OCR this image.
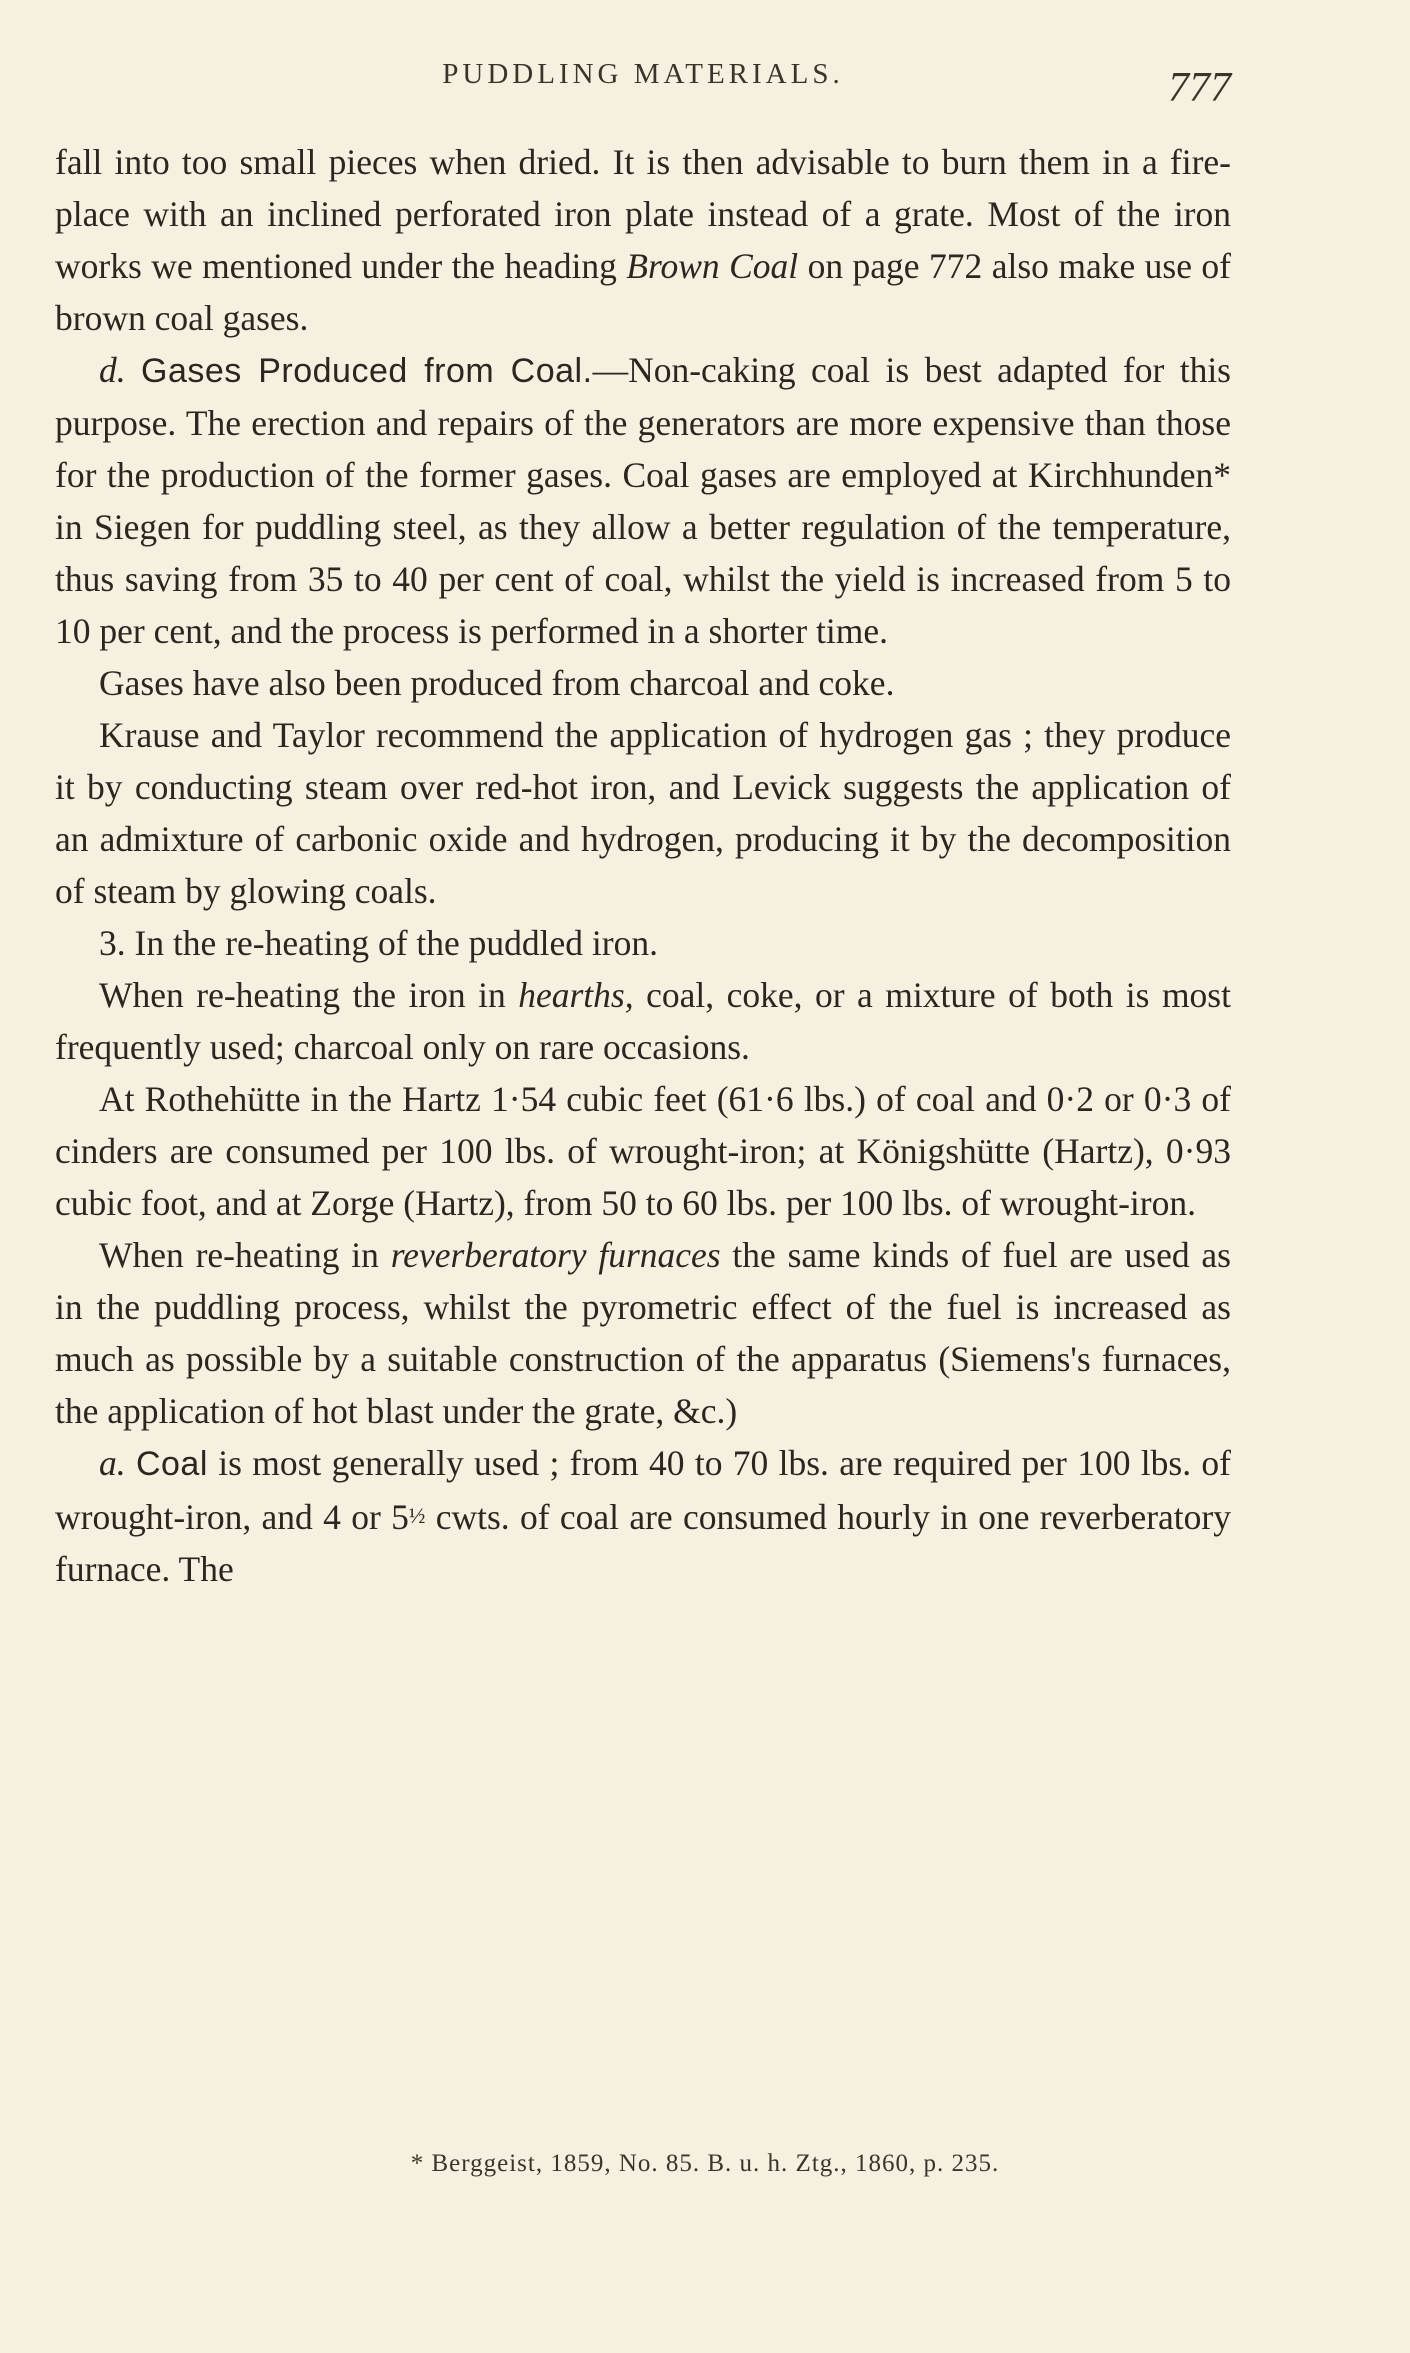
PUDDLING MATERIALS.	777

fall into too small pieces when dried. It is then advisable to burn them in a fire-place with an inclined perforated iron plate instead of a grate. Most of the iron works we mentioned under the heading Brown Coal on page 772 also make use of brown coal gases.

d. Gases Produced from Coal.—Non-caking coal is best adapted for this purpose. The erection and repairs of the generators are more expensive than those for the production of the former gases. Coal gases are employed at Kirchhunden* in Siegen for puddling steel, as they allow a better regulation of the temperature, thus saving from 35 to 40 per cent of coal, whilst the yield is increased from 5 to 10 per cent, and the process is performed in a shorter time.

Gases have also been produced from charcoal and coke.

Krause and Taylor recommend the application of hydrogen gas ; they produce it by conducting steam over red-hot iron, and Levick suggests the application of an admixture of carbonic oxide and hydrogen, producing it by the decomposition of steam by glowing coals.

3. In the re-heating of the puddled iron.

When re-heating the iron in hearths, coal, coke, or a mixture of both is most frequently used; charcoal only on rare occasions.

At Rothehütte in the Hartz 1·54 cubic feet (61·6 lbs.) of coal and 0·2 or 0·3 of cinders are consumed per 100 lbs. of wrought-iron; at Königshütte (Hartz), 0·93 cubic foot, and at Zorge (Hartz), from 50 to 60 lbs. per 100 lbs. of wrought-iron.

When re-heating in reverberatory furnaces the same kinds of fuel are used as in the puddling process, whilst the pyrometric effect of the fuel is increased as much as possible by a suitable construction of the apparatus (Siemens's furnaces, the application of hot blast under the grate, &c.)

a. Coal is most generally used ; from 40 to 70 lbs. are required per 100 lbs. of wrought-iron, and 4 or 5½ cwts. of coal are consumed hourly in one reverberatory furnace. The

* Berggeist, 1859, No. 85. B. u. h. Ztg., 1860, p. 235.
